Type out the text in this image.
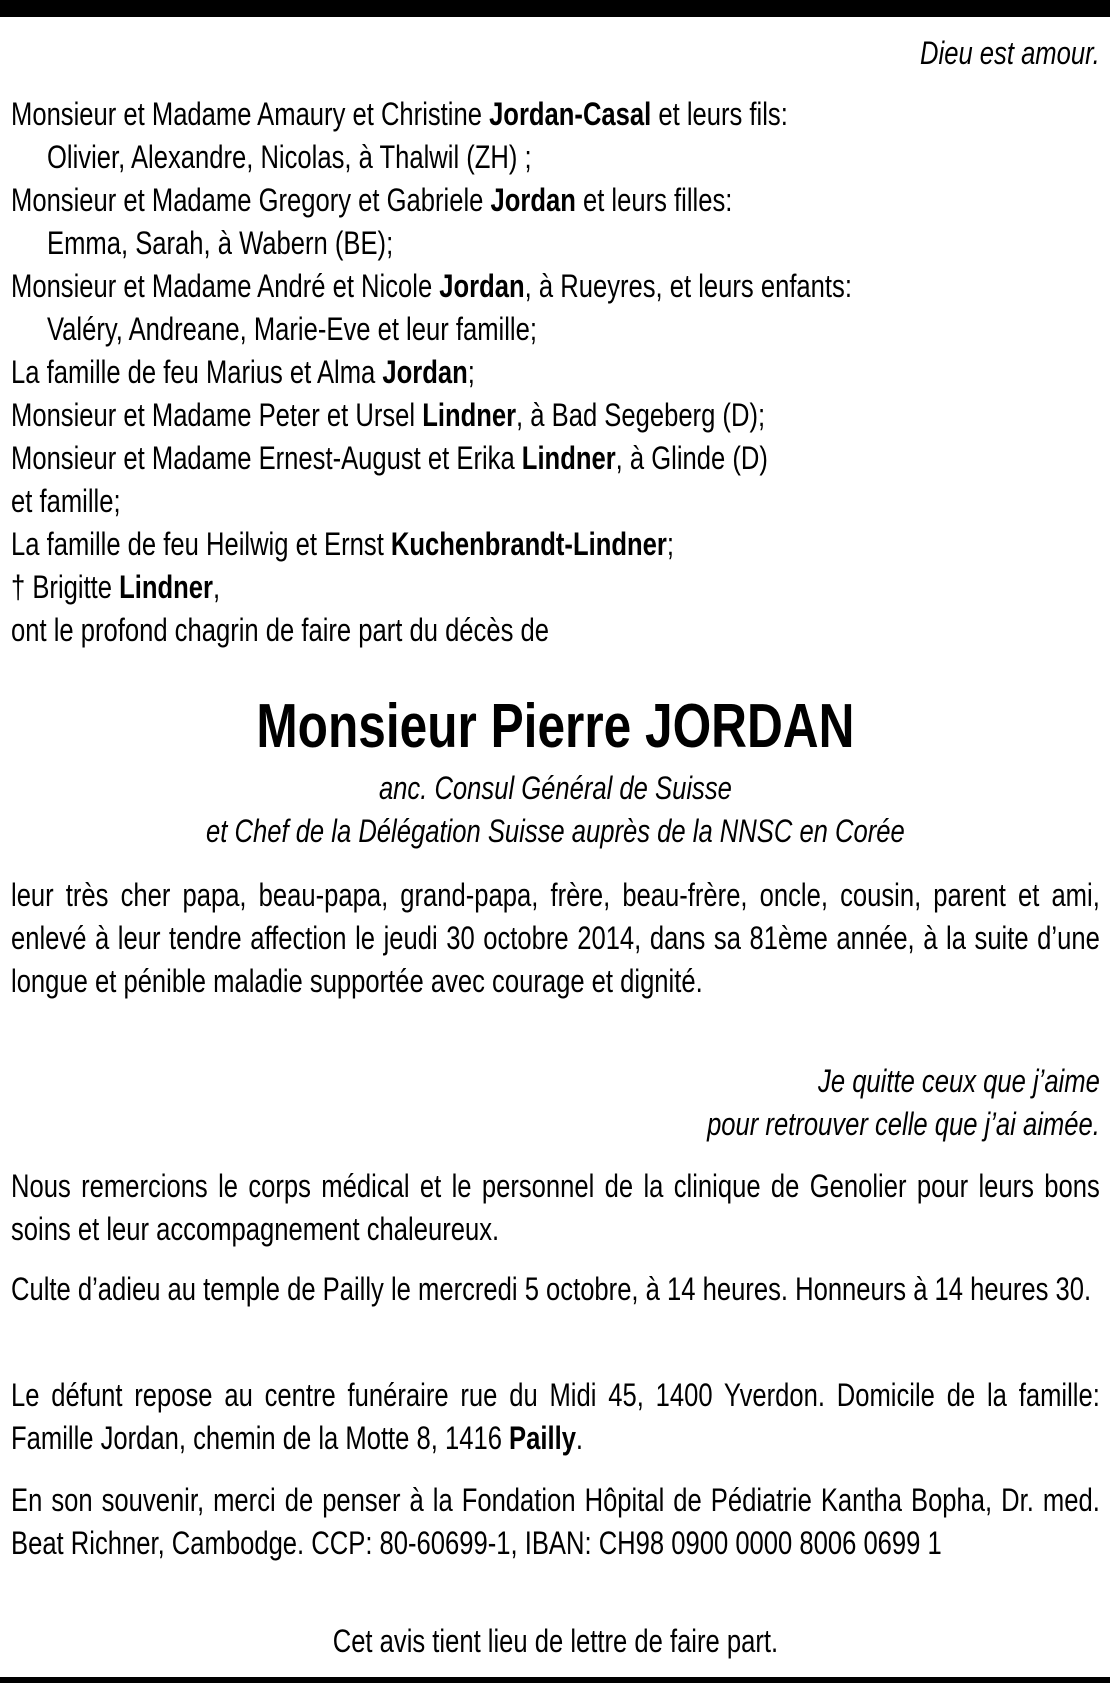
Dieu est amour.
Monsieur et Madame Amaury et Christine Jordan-Casal et leurs fils:
Olivier, Alexandre, Nicolas, à Thalwil (ZH) ;
Monsieur et Madame Gregory et Gabriele Jordan et leurs filles:
Emma, Sarah, à Wabern (BE);
Monsieur et Madame André et Nicole Jordan, à Rueyres, et leurs enfants:
Valéry, Andreane, Marie-Eve et leur famille;
La famille de feu Marius et Alma Jordan;
Monsieur et Madame Peter et Ursel Lindner, à Bad Segeberg (D);
Monsieur et Madame Ernest-August et Erika Lindner, à Glinde (D)
et famille;
La famille de feu Heilwig et Ernst Kuchenbrandt-Lindner;
† Brigitte Lindner,
ont le profond chagrin de faire part du décès de
Monsieur Pierre JORDAN
anc. Consul Général de Suisse
et Chef de la Délégation Suisse auprès de la NNSC en Corée

leur très cher papa, beau-papa, grand-papa, frère, beau-frère, oncle, cousin, parent et ami, enlevé à leur tendre affection le jeudi 30 octobre 2014, dans sa 81ème année, à la suite d’une longue et pénible maladie supportée avec courage et dignité.

Je quitte ceux que j’aime
pour retrouver celle que j’ai aimée.

Nous remercions le corps médical et le personnel de la clinique de Genolier pour leurs bons soins et leur accompagnement chaleureux.

Culte d’adieu au temple de Pailly le mercredi 5 octobre, à 14 heures. Honneurs à 14 heures 30.

Le défunt repose au centre funéraire rue du Midi 45, 1400 Yverdon. Domicile de la famille: Famille Jordan, chemin de la Motte 8, 1416 Pailly.

En son souvenir, merci de penser à la Fondation Hôpital de Pédiatrie Kantha Bopha, Dr. med. Beat Richner, Cambodge. CCP: 80-60699-1, IBAN: CH98 0900 0000 8006 0699 1

Cet avis tient lieu de lettre de faire part.
